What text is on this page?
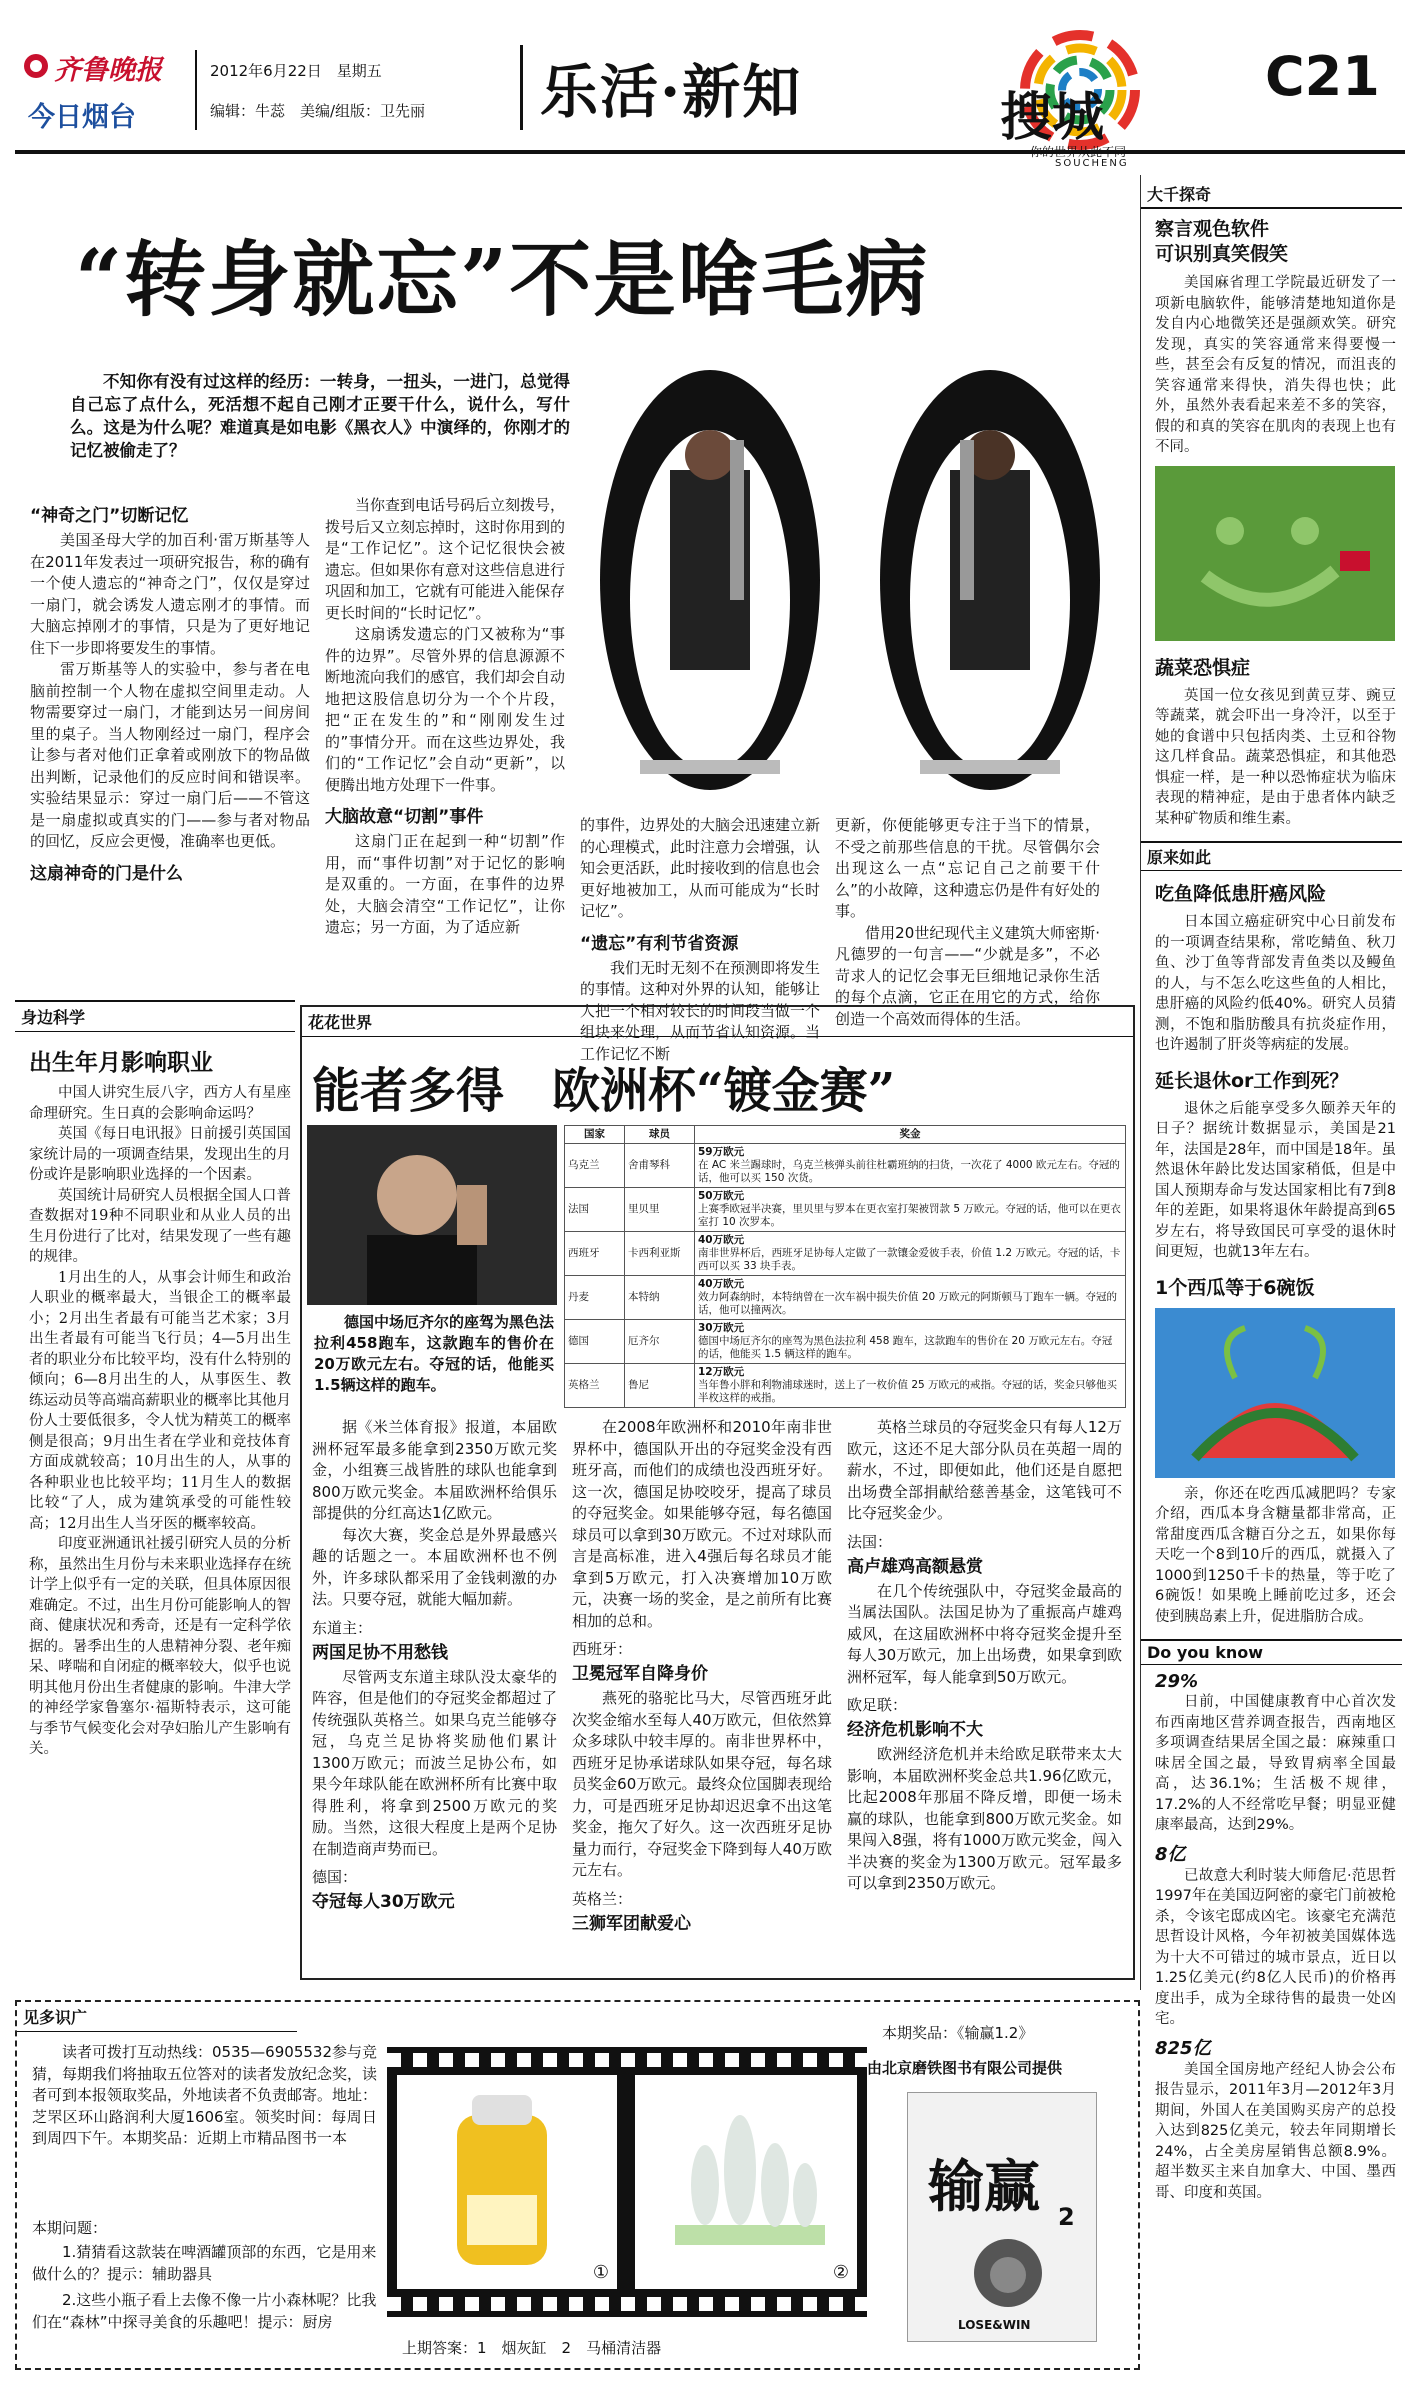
齐鲁晚报
今日烟台
2012年6月22日　星期五
编辑：牛蕊　美编/组版：卫先丽 乐活·新知	搜城
SOUCHENG
C21
“转身就忘”不是啥毛病
不知你有没有过这样的经历：一转身，一扭头，一进门，总觉得自己忘了点什么，死活想不起自己刚才正要干什么，说什么，写什么。这是为什么呢？难道真是如电影《黑衣人》中演绎的，你刚才的记忆被偷走了？
“神奇之门”切断记忆

美国圣母大学的加百利·雷万斯基等人在2011年发表过一项研究报告，称的确有一个使人遗忘的“神奇之门”，仅仅是穿过一扇门，就会诱发人遗忘刚才的事情。而大脑忘掉刚才的事情，只是为了更好地记住下一步即将要发生的事情。

雷万斯基等人的实验中，参与者在电脑前控制一个人物在虚拟空间里走动。人物需要穿过一扇门，才能到达另一间房间里的桌子。当人物刚经过一扇门，程序会让参与者对他们正拿着或刚放下的物品做出判断，记录他们的反应时间和错误率。实验结果显示：穿过一扇门后——不管这是一扇虚拟或真实的门——参与者对物品的回忆，反应会更慢，准确率也更低。

这扇神奇的门是什么

当你查到电话号码后立刻拨号，拨号后又立刻忘掉时，这时你用到的是“工作记忆”。这个记忆很快会被遗忘。但如果你有意对这些信息进行巩固和加工，它就有可能进入能保存更长时间的“长时记忆”。

这扇诱发遗忘的门又被称为“事件的边界”。尽管外界的信息源源不断地流向我们的感官，我们却会自动地把这股信息切分为一个个片段，把“正在发生的”和“刚刚发生过的”事情分开。而在这些边界处，我们的“工作记忆”会自动“更新”，以便腾出地方处理下一件事。

大脑故意“切割”事件

这扇门正在起到一种“切割”作用，而“事件切割”对于记忆的影响是双重的。一方面，在事件的边界处，大脑会清空“工作记忆”，让你遗忘；另一方面，为了适应新

的事件，边界处的大脑会迅速建立新的心理模式，此时注意力会增强，认知会更活跃，此时接收到的信息也会更好地被加工，从而可能成为“长时记忆”。

“遗忘”有利节省资源

我们无时无刻不在预测即将发生的事情。这种对外界的认知，能够让人把一个相对较长的时间段当做一个组块来处理，从而节省认知资源。当工作记忆不断

更新，你便能够更专注于当下的情景，不受之前那些信息的干扰。尽管偶尔会出现这么一点“忘记自己之前要干什么”的小故障，这种遗忘仍是件有好处的事。

借用20世纪现代主义建筑大师密斯·凡德罗的一句言——“少就是多”，不必苛求人的记忆会事无巨细地记录你生活的每个点滴，它正在用它的方式，给你创造一个高效而得体的生活。

大千探奇
察言观色软件
可识别真笑假笑

美国麻省理工学院最近研发了一项新电脑软件，能够清楚地知道你是发自内心地微笑还是强颜欢笑。研究发现，真实的笑容通常来得要慢一些，甚至会有反复的情况，而沮丧的笑容通常来得快，消失得也快；此外，虽然外表看起来差不多的笑容，假的和真的笑容在肌肉的表现上也有不同。

蔬菜恐惧症

英国一位女孩见到黄豆芽、豌豆等蔬菜，就会吓出一身冷汗，以至于她的食谱中只包括肉类、土豆和谷物这几样食品。蔬菜恐惧症，和其他恐惧症一样，是一种以恐怖症状为临床表现的精神症，是由于患者体内缺乏某种矿物质和维生素。

原来如此
吃鱼降低患肝癌风险

日本国立癌症研究中心日前发布的一项调查结果称，常吃鲭鱼、秋刀鱼、沙丁鱼等背部发青鱼类以及鳗鱼的人，与不怎么吃这些鱼的人相比，患肝癌的风险约低40%。研究人员猜测，不饱和脂肪酸具有抗炎症作用，也许遏制了肝炎等病症的发展。

延长退休or工作到死？

退休之后能享受多久颐养天年的日子？据统计数据显示，美国是21年，法国是28年，而中国是18年。虽然退休年龄比发达国家稍低，但是中国人预期寿命与发达国家相比有7到8年的差距，如果将退休年龄提高到65岁左右，将导致国民可享受的退休时间更短，也就13年左右。

1个西瓜等于6碗饭

亲，你还在吃西瓜减肥吗？专家介绍，西瓜本身含糖量都非常高，正常甜度西瓜含糖百分之五，如果你每天吃一个8到10斤的西瓜，就摄入了1000到1250千卡的热量，等于吃了6碗饭！如果晚上睡前吃过多，还会使到胰岛素上升，促进脂肪合成。

Do you know
29%

日前，中国健康教育中心首次发布西南地区营养调查报告，西南地区多项调查结果居全国之最：麻辣重口味居全国之最，导致胃病率全国最高，达36.1%；生活极不规律，17.2%的人不经常吃早餐；明显亚健康率最高，达到29%。

8亿

已故意大利时装大师詹尼·范思哲1997年在美国迈阿密的豪宅门前被枪杀，令该宅邸成凶宅。该豪宅充满范思哲设计风格，今年初被美国媒体选为十大不可错过的城市景点，近日以1.25亿美元(约8亿人民币)的价格再度出手，成为全球待售的最贵一处凶宅。

825亿

美国全国房地产经纪人协会公布报告显示，2011年3月—2012年3月期间，外国人在美国购买房产的总投入达到825亿美元，较去年同期增长24%，占全美房屋销售总额8.9%。超半数买主来自加拿大、中国、墨西哥、印度和英国。

身边科学
出生年月影响职业

中国人讲究生辰八字，西方人有星座命理研究。生日真的会影响命运吗？

英国《每日电讯报》日前援引英国国家统计局的一项调查结果，发现出生的月份或许是影响职业选择的一个因素。

英国统计局研究人员根据全国人口普查数据对19种不同职业和从业人员的出生月份进行了比对，结果发现了一些有趣的规律。

1月出生的人，从事会计师生和政治人职业的概率最大，当银企工的概率最小；2月出生者最有可能当艺术家；3月出生者最有可能当飞行员；4—5月出生者的职业分布比较平均，没有什么特别的倾向；6—8月出生的人，从事医生、教练运动员等高端高薪职业的概率比其他月份人士要低很多，令人忧为精英工的概率侧是很高；9月出生者在学业和竞技体育方面成就较高；10月出生的人，从事的各种职业也比较平均；11月生人的数据比较“了人，成为建筑承受的可能性较高；12月出生人当牙医的概率较高。

印度亚洲通讯社援引研究人员的分析称，虽然出生月份与未来职业选择存在统计学上似乎有一定的关联，但具体原因很难确定。不过，出生月份可能影响人的智商、健康状况和秀奇，还是有一定科学依据的。暑季出生的人患精神分裂、老年痴呆、哮喘和自闭症的概率较大，似乎也说明其他月份出生者健康的影响。牛津大学的神经学家鲁塞尔·福斯特表示，这可能与季节气候变化会对孕妇胎儿产生影响有关。

花花世界
能者多得　欧洲杯“镀金赛”
德国中场厄齐尔的座驾为黑色法拉利458跑车，这款跑车的售价在20万欧元左右。夺冠的话，他能买1.5辆这样的跑车。
国家	球员	奖金
乌克兰	舍甫琴科	59万欧元
在 AC 米兰踢球时，乌克兰核弹头前往杜霸班纳的扫货，一次花了 4000 欧元左右。夺冠的话，他可以买 150 次货。

法国	里贝里	50万欧元
上赛季欧冠半决赛，里贝里与罗本在更衣室打架被罚款 5 万欧元。夺冠的话，他可以在更衣室打 10 次罗本。

西班牙	卡西利亚斯	40万欧元
南非世界杯后，西班牙足协每人定做了一款镶金爱彼手表，价值 1.2 万欧元。夺冠的话，卡西可以买 33 块手表。

丹麦	本特纳	40万欧元
效力阿森纳时，本特纳曾在一次车祸中损失价值 20 万欧元的阿斯顿马丁跑车一辆。夺冠的话，他可以撞两次。

德国	厄齐尔	30万欧元
德国中场厄齐尔的座驾为黑色法拉利 458 跑车，这款跑车的售价在 20 万欧元左右。夺冠的话，他能买 1.5 辆这样的跑车。

英格兰	鲁尼	12万欧元
当年鲁小胖和利物浦球迷时，送上了一枚价值 25 万欧元的戒指。夺冠的话，奖金只够他买半枚这样的戒指。

据《米兰体育报》报道，本届欧洲杯冠军最多能拿到2350万欧元奖金，小组赛三战皆胜的球队也能拿到800万欧元奖金。本届欧洲杯给俱乐部提供的分红高达1亿欧元。

每次大赛，奖金总是外界最感兴趣的话题之一。本届欧洲杯也不例外，许多球队都采用了金钱刺激的办法。只要夺冠，就能大幅加薪。

东道主：
两国足协不用愁钱

尽管两支东道主球队没太豪华的阵容，但是他们的夺冠奖金都超过了传统强队英格兰。如果乌克兰能够夺冠，乌克兰足协将奖励他们累计1300万欧元；而波兰足协公布，如果今年球队能在欧洲杯所有比赛中取得胜利，将拿到2500万欧元的奖励。当然，这很大程度上是两个足协在制造商声势而已。

德国：
夺冠每人30万欧元

在2008年欧洲杯和2010年南非世界杯中，德国队开出的夺冠奖金没有西班牙高，而他们的成绩也没西班牙好。这一次，德国足协咬咬牙，提高了球员的夺冠奖金。如果能够夺冠，每名德国球员可以拿到30万欧元。不过对球队而言是高标准，进入4强后每名球员才能拿到5万欧元，打入决赛增加10万欧元，决赛一场的奖金，是之前所有比赛相加的总和。

西班牙：
卫冕冠军自降身价

燕死的骆驼比马大，尽管西班牙此次奖金缩水至每人40万欧元，但依然算众多球队中较丰厚的。南非世界杯中，西班牙足协承诺球队如果夺冠，每名球员奖金60万欧元。最终众位国脚表现给力，可是西班牙足协却迟迟拿不出这笔奖金，拖欠了好久。这一次西班牙足协量力而行，夺冠奖金下降到每人40万欧元左右。

英格兰：
三狮军团献爱心

英格兰球员的夺冠奖金只有每人12万欧元，这还不足大部分队员在英超一周的薪水，不过，即便如此，他们还是自愿把出场费全部捐献给慈善基金，这笔钱可不比夺冠奖金少。

法国：
高卢雄鸡高额悬赏

在几个传统强队中，夺冠奖金最高的当属法国队。法国足协为了重振高卢雄鸡威风，在这届欧洲杯中将夺冠奖金提升至每人30万欧元，加上出场费，如果拿到欧洲杯冠军，每人能拿到50万欧元。

欧足联：
经济危机影响不大

欧洲经济危机并未给欧足联带来太大影响，本届欧洲杯奖金总共1.96亿欧元，比起2008年那届不降反增，即便一场未赢的球队，也能拿到800万欧元奖金。如果闯入8强，将有1000万欧元奖金，闯入半决赛的奖金为1300万欧元。冠军最多可以拿到2350万欧元。

见多识广
读者可拨打互动热线：0535—6905532参与竞猜，每期我们将抽取五位答对的读者发放纪念奖，读者可到本报领取奖品，外地读者不负责邮寄。地址：芝罘区环山路润利大厦1606室。领奖时间：每周日到周四下午。本期奖品：近期上市精品图书一本
本期问题：
1.猜猜看这款装在啤酒罐顶部的东西，它是用来做什么的？提示：辅助器具
2.这些小瓶子看上去像不像一片小森林呢？比我们在“森林”中探寻美食的乐趣吧！提示：厨房
①	②
上期答案：1　烟灰缸　2　马桶清洁器
本期奖品：《输赢1.2》
由北京磨铁图书有限公司提供
输赢 2
LOSE&WIN
